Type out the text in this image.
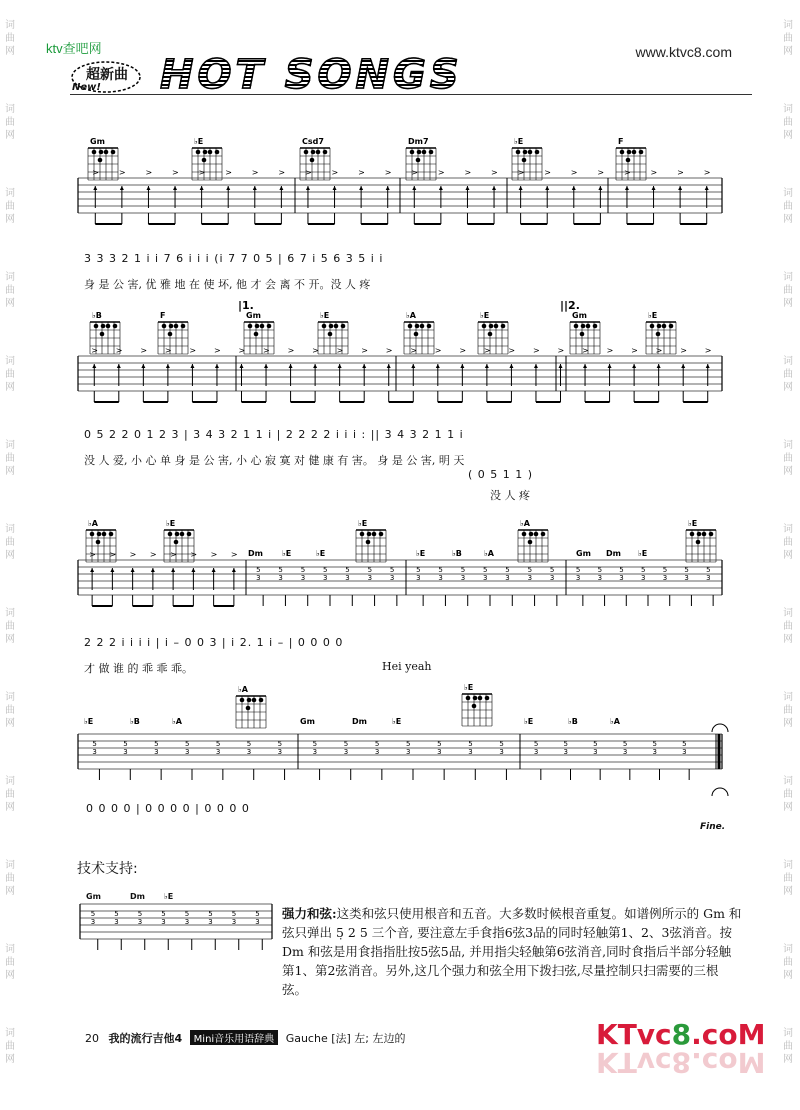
词
曲
网
词
曲
网
词
曲
网
词
曲
网
词
曲
网
词
曲
网
词
曲
网
词
曲
网
词
曲
网
词
曲
网
词
曲
网
词
曲
网
词
曲
网
词
曲
网
词
曲
网
词
曲
网
词
曲
网
词
曲
网
词
曲
网
词
曲
网
词
曲
网
词
曲
网
词
曲
网
词
曲
网
词
曲
网
词
曲
网
ktv查吧网	www.ktvc8.com
超新曲
New! HOT SONGS
Gm	♭E	Csd7	Dm7	♭E	F
> > > > > > > > > > > > > > > > > > > > > > > >
♭B	F	Gm	♭E	♭A	♭E	Gm	♭E
> > > > > > > > > > > > > > > > > > > > > > > > > >
|1.	||2.
♭A	♭E	♭E	♭A	♭E
> > > > > > > > Dm ♭E	♭E	♭E	♭B	♭A	Gm Dm ♭E
♭A	♭E
♭E	♭B	♭A	Gm	Dm	♭E	♭E	♭B	♭A
5
3
5
3
5
3
5
3
5
3
5
3
5
3
5
3
5
3
5
3
5
3
5
3
5
3
5
3
5
3
5
3
5
3
5
3
5
3
5
3
5
3
5
3
5
3
5
3
5
3
5
3
5
3
5
3
5
3
5
3
5
3
5
3
5
3
5
3
5
3
5
3
5
3
5
3
5
3
5
3
5
3
5
3
5
3
5
3
5
3
5
3
5
3
5
3
5
3
3 3 3 2 1 i i 7 6 i i i (i 7 7 0 5 | 6 7 i 5 6 3 5 i i
身 是 公 害, 优 雅 地 在 使 坏, 他 才 会 离 不 开。没 人 疼
0 5 2 2 0 1 2 3 | 3 4 3 2 1 1 i | 2 2 2 2 i i i : || 3 4 3 2 1 1 i
没 人 爱, 小 心 单 身 是 公 害, 小 心 寂 寞 对 健 康 有 害。 身 是 公 害, 明 天
( 0 5 1 1 )
没 人 疼
2 2 2 i i i i | i – 0 0 3 | i 2. 1 i – | 0 0 0 0
才 做 谁 的 乖 乖 乖。	Hei yeah
0 0 0 0 | 0 0 0 0 | 0 0 0 0
Fine.
技术支持:
Gm	Dm ♭E
强力和弦:这类和弦只使用根音和五音。大多数时候根音重复。如谱例所示的 Gm 和弦只弹出 5̣ 2 5 三个音, 要注意左手食指6弦3品的同时轻触第1、2、3弦消音。按Dm 和弦是用食指指肚按5弦5品, 并用指尖轻触第6弦消音,同时食指后半部分轻触第1、第2弦消音。另外,这几个强力和弦全用下拨扫弦,尽量控制只扫需要的三根弦。
20 我的流行吉他4 Mini音乐用语辞典 Gauche [法] 左; 左边的	KTvc8.coM
KTvc8.coM
